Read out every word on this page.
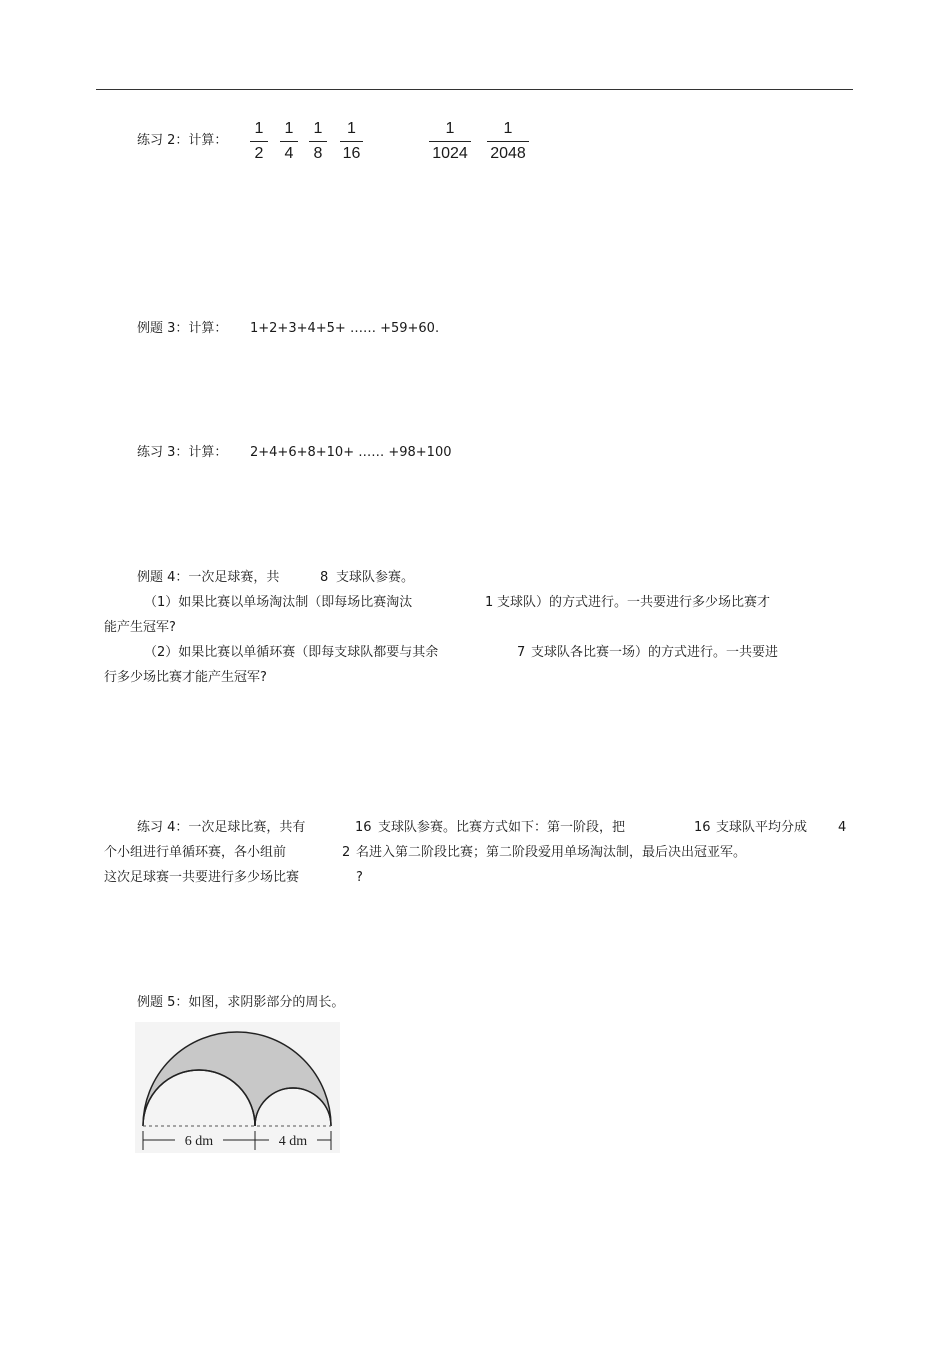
练习 2：计算：
1
2
1
4
1
8
1
16
1
1024
1
2048
例题 3：计算： 1+2+3+4+5+ …… +59+60.
练习 3：计算： 2+4+6+8+10+ …… +98+100
例题 4：一次足球赛，共	8 支球队参赛。
（1）如果比赛以单场淘汰制（即每场比赛淘汰	1 支球队）的方式进行。一共要进行多少场比赛才
能产生冠军?
（2）如果比赛以单循环赛（即每支球队都要与其余	7 支球队各比赛一场）的方式进行。一共要进
行多少场比赛才能产生冠军?
练习 4：一次足球比赛，共有	16 支球队参赛。比赛方式如下：第一阶段，把	16 支球队平均分成 4
个小组进行单循环赛，各小组前	2 名进入第二阶段比赛；第二阶段爱用单场淘汰制，最后决出冠亚军。
这次足球赛一共要进行多少场比赛	?
例题 5：如图，求阴影部分的周长。
6 dm	4 dm
